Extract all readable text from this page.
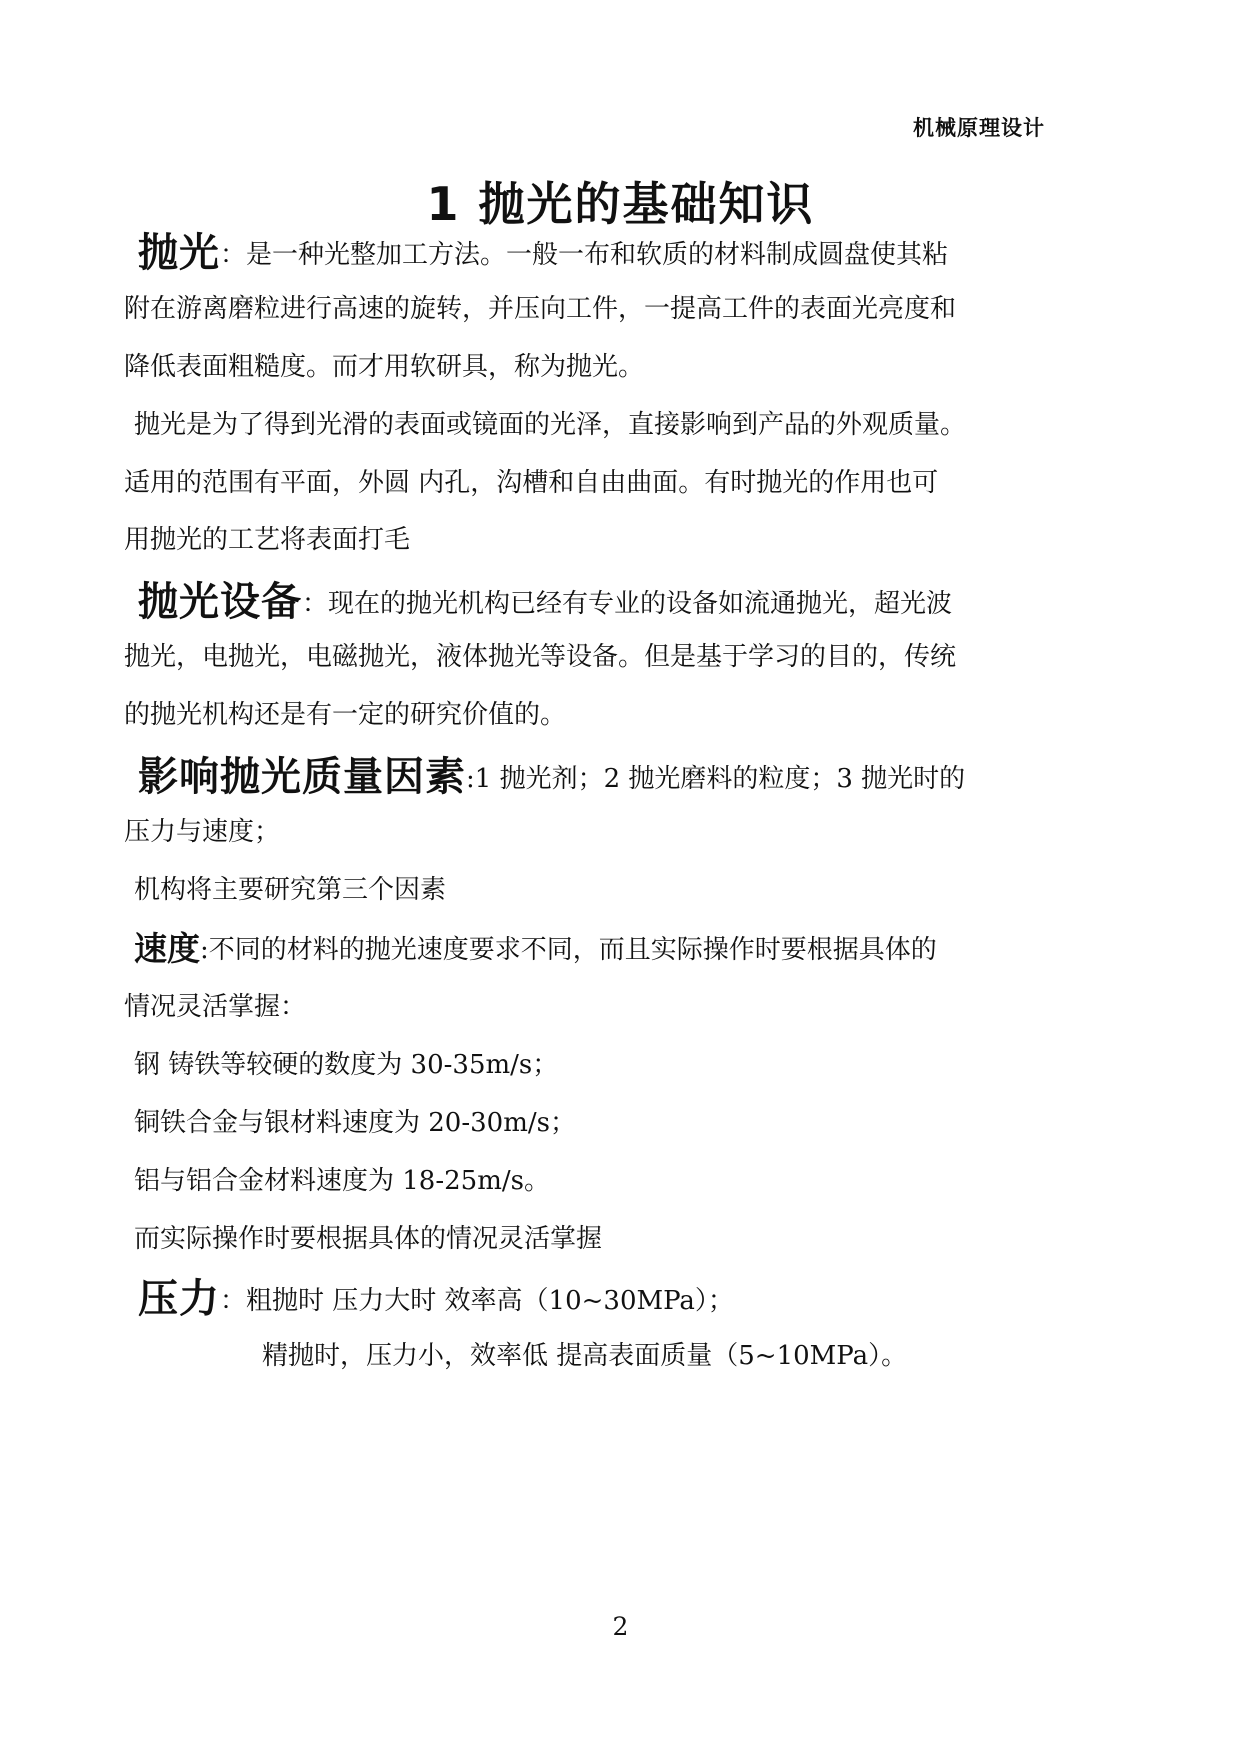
机械原理设计
1 抛光的基础知识
抛光：是一种光整加工方法。一般一布和软质的材料制成圆盘使其粘
附在游离磨粒进行高速的旋转，并压向工件，一提高工件的表面光亮度和
降低表面粗糙度。而才用软研具，称为抛光。
抛光是为了得到光滑的表面或镜面的光泽，直接影响到产品的外观质量。
适用的范围有平面，外圆 内孔，沟槽和自由曲面。有时抛光的作用也可
用抛光的工艺将表面打毛
抛光设备：现在的抛光机构已经有专业的设备如流通抛光，超光波
抛光，电抛光，电磁抛光，液体抛光等设备。但是基于学习的目的，传统
的抛光机构还是有一定的研究价值的。
影响抛光质量因素:1 抛光剂；2 抛光磨料的粒度；3 抛光时的
压力与速度；
机构将主要研究第三个因素
速度:不同的材料的抛光速度要求不同，而且实际操作时要根据具体的
情况灵活掌握：
钢 铸铁等较硬的数度为 30-35m/s；
铜铁合金与银材料速度为 20-30m/s；
铝与铝合金材料速度为 18-25m/s。
而实际操作时要根据具体的情况灵活掌握
压力：粗抛时 压力大时 效率高（10~30MPa）；
精抛时，压力小，效率低 提高表面质量（5~10MPa）。
2
